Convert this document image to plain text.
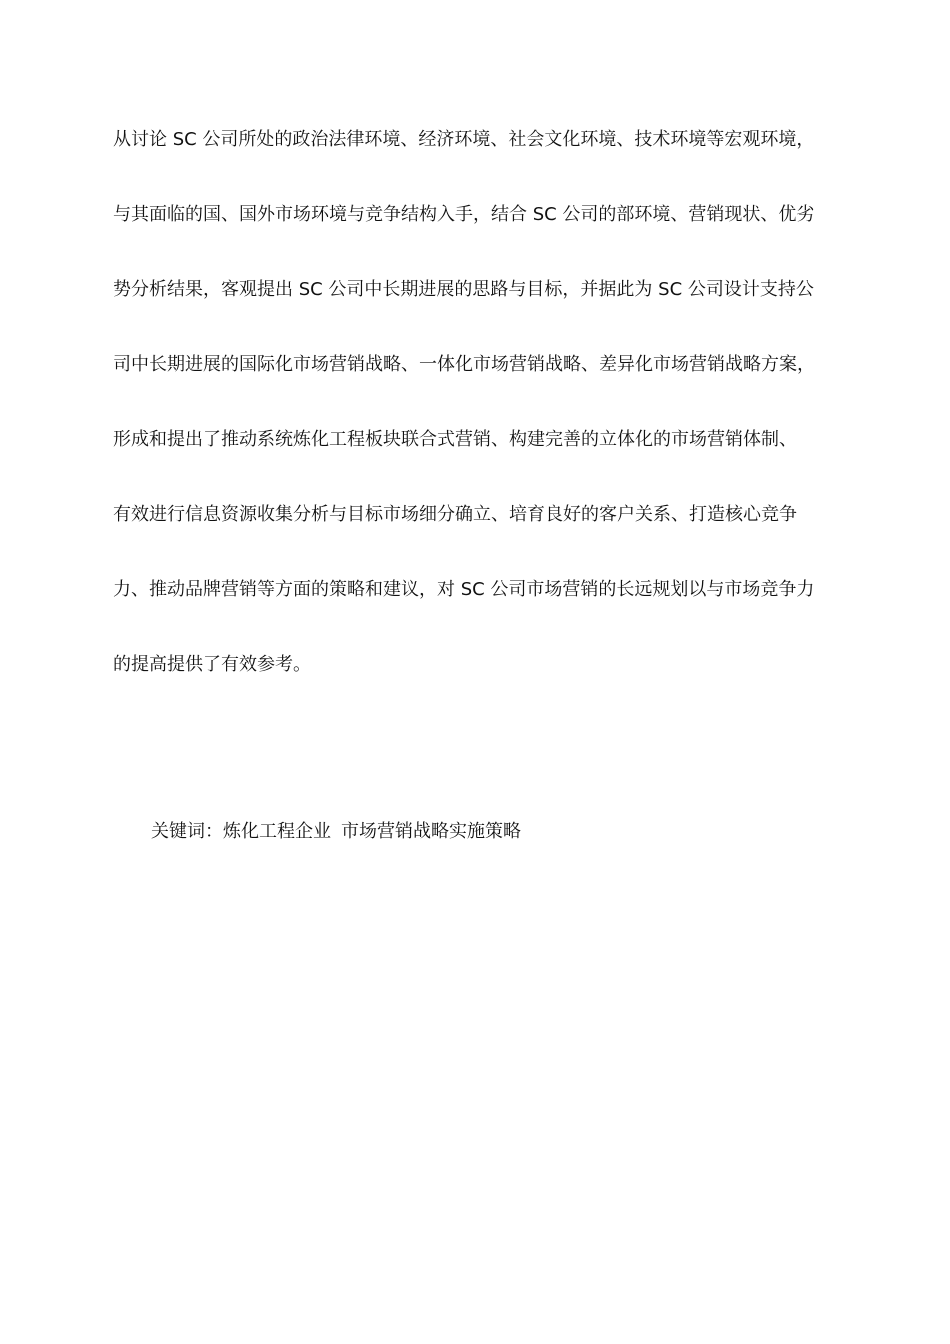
从讨论 SC 公司所处的政治法律环境、经济环境、社会文化环境、技术环境等宏观环境，
与其面临的国、国外市场环境与竞争结构入手，结合 SC 公司的部环境、营销现状、优劣
势分析结果，客观提出 SC 公司中长期进展的思路与目标，并据此为 SC 公司设计支持公
司中长期进展的国际化市场营销战略、一体化市场营销战略、差异化市场营销战略方案，
形成和提出了推动系统炼化工程板块联合式营销、构建完善的立体化的市场营销体制、
有效进行信息资源收集分析与目标市场细分确立、培育良好的客户关系、打造核心竞争
力、推动品牌营销等方面的策略和建议，对 SC 公司市场营销的长远规划以与市场竞争力
的提高提供了有效参考。
关键词：炼化工程企业 市场营销战略实施策略
